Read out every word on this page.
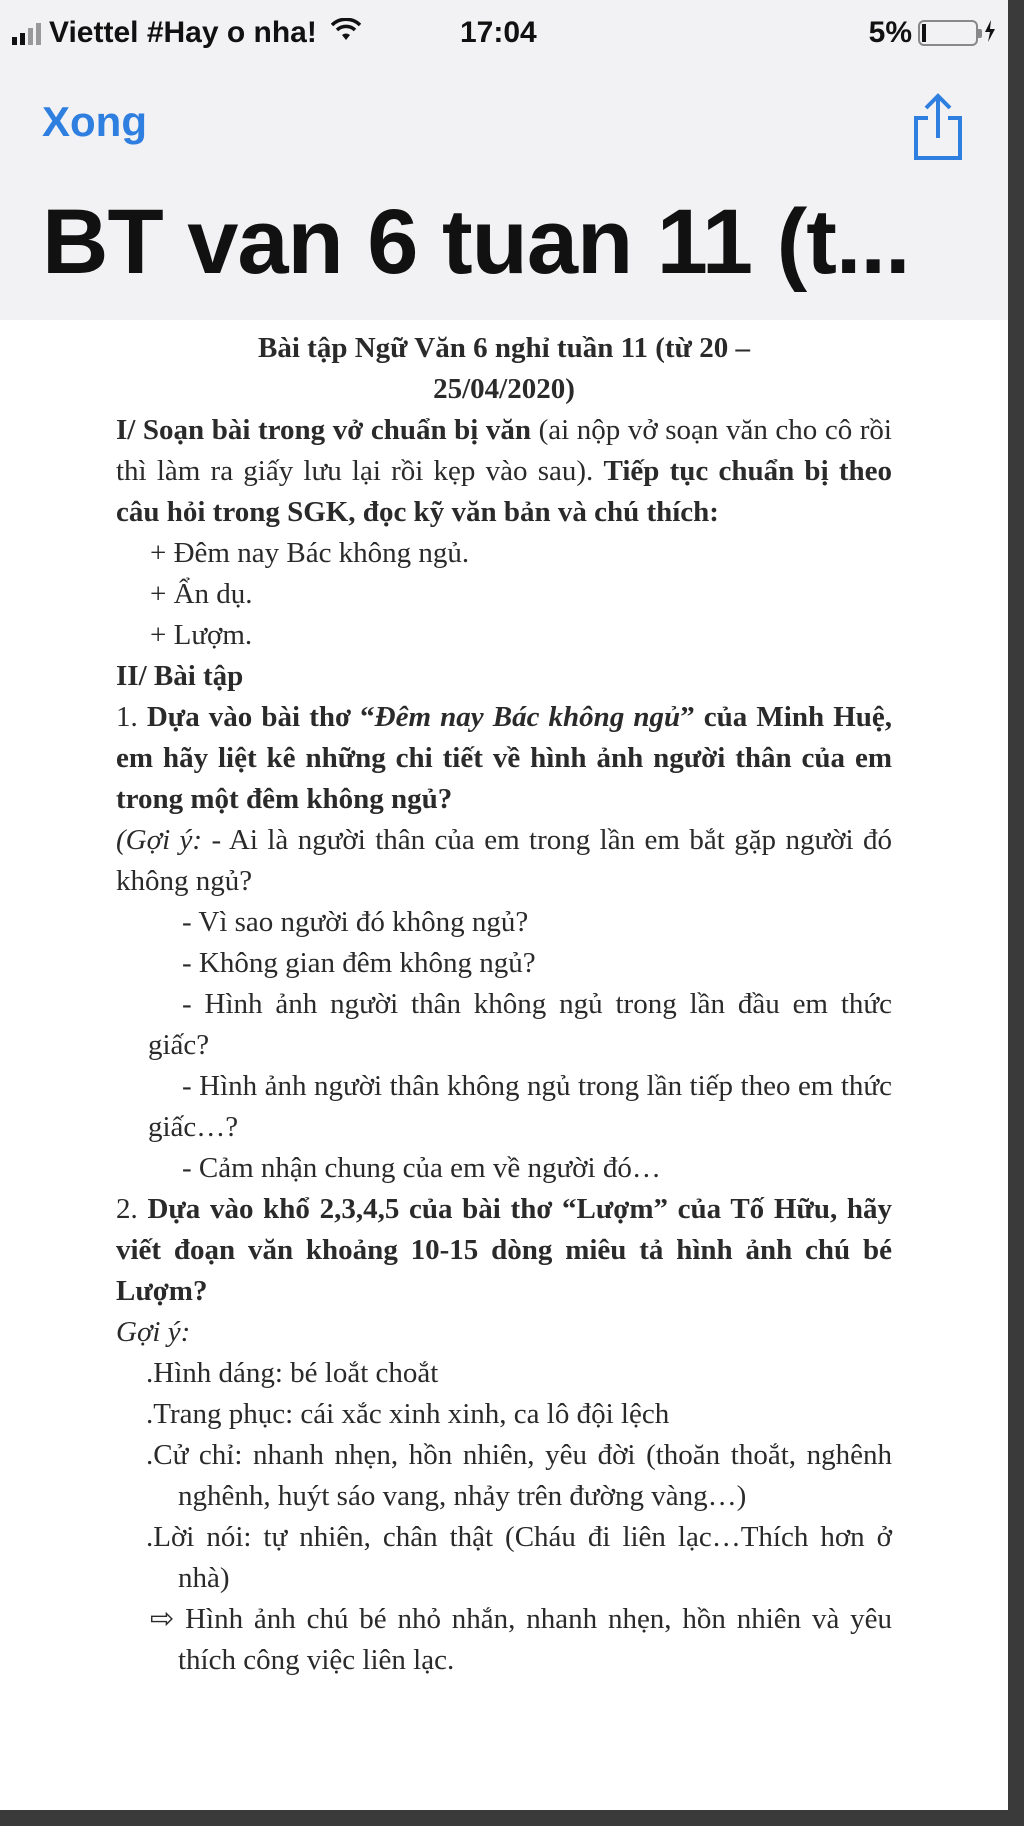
Viettel #Hay o nha!	17:04	5%
Xong
BT van 6 tuan 11 (t...

Bài tập Ngữ Văn 6 nghỉ tuần 11 (từ 20 –

25/04/2020)

I/ Soạn bài trong vở chuẩn bị văn (ai nộp vở soạn văn cho cô rồi thì làm ra giấy lưu lại rồi kẹp vào sau). Tiếp tục chuẩn bị theo câu hỏi trong SGK, đọc kỹ văn bản và chú thích:

+ Đêm nay Bác không ngủ.

+ Ẩn dụ.

+ Lượm.

II/ Bài tập

1. Dựa vào bài thơ “Đêm nay Bác không ngủ” của Minh Huệ, em hãy liệt kê những chi tiết về hình ảnh người thân của em trong một đêm không ngủ?

(Gợi ý: - Ai là người thân của em trong lần em bắt gặp người đó không ngủ?

- Vì sao người đó không ngủ?

- Không gian đêm không ngủ?

- Hình ảnh người thân không ngủ trong lần đầu em thức giấc?

- Hình ảnh người thân không ngủ trong lần tiếp theo em thức giấc…?

- Cảm nhận chung của em về người đó…

2. Dựa vào khổ 2,3,4,5 của bài thơ “Lượm” của Tố Hữu, hãy viết đoạn văn khoảng 10-15 dòng miêu tả hình ảnh chú bé Lượm?

Gợi ý:

.Hình dáng: bé loắt choắt

.Trang phục: cái xắc xinh xinh, ca lô đội lệch

.Cử chỉ: nhanh nhẹn, hồn nhiên, yêu đời (thoăn thoắt, nghênh nghênh, huýt sáo vang, nhảy trên đường vàng…)

.Lời nói: tự nhiên, chân thật (Cháu đi liên lạc…Thích hơn ở nhà)

⇨ Hình ảnh chú bé nhỏ nhắn, nhanh nhẹn, hồn nhiên và yêu thích công việc liên lạc.
